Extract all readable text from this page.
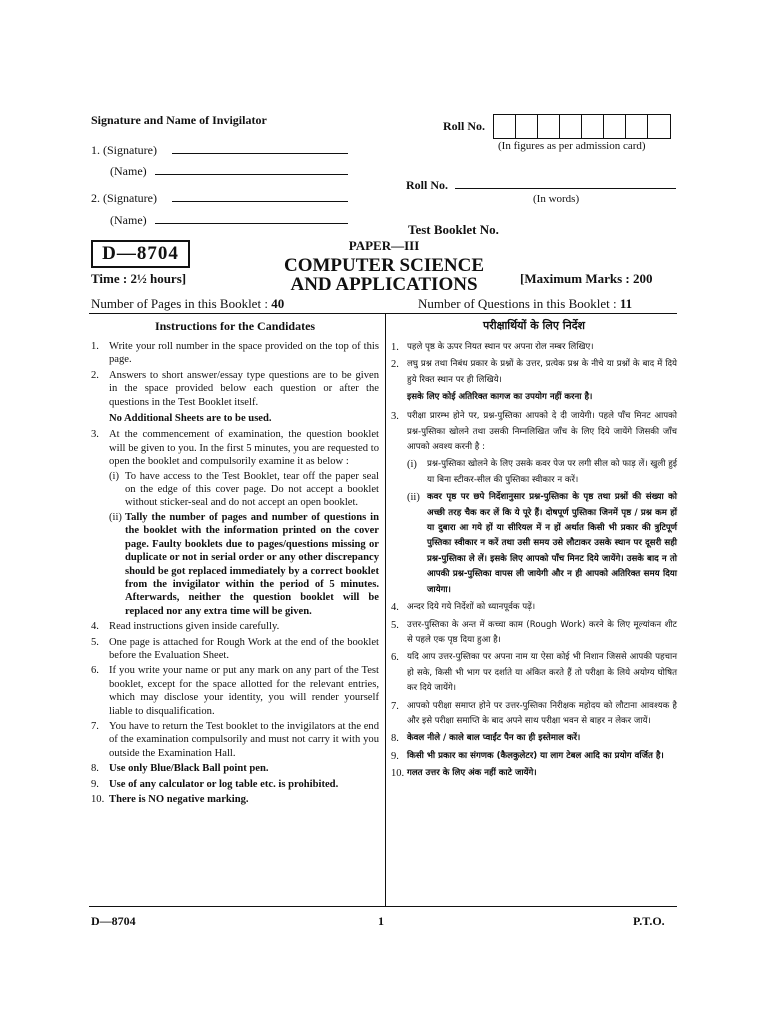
Signature and Name of Invigilator
1. (Signature)
(Name)
2. (Signature)
(Name)
Roll No.
(In figures as per admission card)
Roll No.
(In words)
Test Booklet No.
D—8704	PAPER—III
COMPUTER SCIENCE
AND APPLICATIONS
Time : 2½ hours]	[Maximum Marks : 200
Number of Pages in this Booklet : 40	Number of Questions in this Booklet : 11
Instructions for the Candidates	परीक्षार्थियों के लिए निर्देश
1. Write your roll number in the space provided on the top of this page.
2. Answers to short answer/essay type questions are to be given in the space provided below each question or after the questions in the Test Booklet itself.
No Additional Sheets are to be used.
3. At the commencement of examination, the question booklet will be given to you. In the first 5 minutes, you are requested to open the booklet and compulsorily examine it as below :
(i) To have access to the Test Booklet, tear off the paper seal on the edge of this cover page. Do not accept a booklet without sticker-seal and do not accept an open booklet.
(ii) Tally the number of pages and number of questions in the booklet with the information printed on the cover page. Faulty booklets due to pages/questions missing or duplicate or not in serial order or any other discrepancy should be got replaced immediately by a correct booklet from the invigilator within the period of 5 minutes. Afterwards, neither the question booklet will be replaced nor any extra time will be given.
4. Read instructions given inside carefully.
5. One page is attached for Rough Work at the end of the booklet before the Evaluation Sheet.
6. If you write your name or put any mark on any part of the Test booklet, except for the space allotted for the relevant entries, which may disclose your identity, you will render yourself liable to disqualification.
7. You have to return the Test booklet to the invigilators at the end of the examination compulsorily and must not carry it with you outside the Examination Hall.
8. Use only Blue/Black Ball point pen.
9. Use of any calculator or log table etc. is prohibited.
10. There is NO negative marking.
1. पहले पृष्ठ के ऊपर नियत स्थान पर अपना रोल नम्बर लिखिए।
2. लघु प्रश्न तथा निबंध प्रकार के प्रश्नों के उत्तर, प्रत्येक प्रश्न के नीचे या प्रश्नों के बाद में दिये हुये रिक्त स्थान पर ही लिखिये।
इसके लिए कोई अतिरिक्त कागज का उपयोग नहीं करना है।
3. परीक्षा प्रारम्भ होने पर, प्रश्न-पुस्तिका आपको दे दी जायेगी। पहले पाँच मिनट आपको प्रश्न-पुस्तिका खोलने तथा उसकी निम्नलिखित जाँच के लिए दिये जायेंगे जिसकी जाँच आपको अवश्य करनी है :
(i) प्रश्न-पुस्तिका खोलने के लिए उसके कवर पेज पर लगी सील को फाड़ लें। खुली हुई या बिना स्टीकर-सील की पुस्तिका स्वीकार न करें।
(ii) कवर पृष्ठ पर छपे निर्देशानुसार प्रश्न-पुस्तिका के पृष्ठ तथा प्रश्नों की संख्या को अच्छी तरह चैक कर लें कि ये पूरे हैं। दोषपूर्ण पुस्तिका जिनमें पृष्ठ / प्रश्न कम हों या दुबारा आ गये हों या सीरियल में न हों अर्थात किसी भी प्रकार की त्रुटिपूर्ण पुस्तिका स्वीकार न करें तथा उसी समय उसे लौटाकर उसके स्थान पर दूसरी सही प्रश्न-पुस्तिका ले लें। इसके लिए आपको पाँच मिनट दिये जायेंगे। उसके बाद न तो आपकी प्रश्न-पुस्तिका वापस ली जायेगी और न ही आपको अतिरिक्त समय दिया जायेगा।
4. अन्दर दिये गये निर्देशों को ध्यानपूर्वक पढ़ें।
5. उत्तर-पुस्तिका के अन्त में कच्चा काम (Rough Work) करने के लिए मूल्यांकन शीट से पहले एक पृष्ठ दिया हुआ है।
6. यदि आप उत्तर-पुस्तिका पर अपना नाम या ऐसा कोई भी निशान जिससे आपकी पहचान हो सके, किसी भी भाग पर दर्शाते या अंकित करते हैं तो परीक्षा के लिये अयोग्य घोषित कर दिये जायेंगे।
7. आपको परीक्षा समाप्त होने पर उत्तर-पुस्तिका निरीक्षक महोदय को लौटाना आवश्यक है और इसे परीक्षा समाप्ति के बाद अपने साथ परीक्षा भवन से बाहर न लेकर जायें।
8. केवल नीले / काले बाल प्वाईंट पैन का ही इस्तेमाल करें।
9. किसी भी प्रकार का संगणक (कैलकुलेटर) या लाग टेबल आदि का प्रयोग वर्जित है।
10. गलत उत्तर के लिए अंक नहीं काटे जायेंगे।
D—8704	1	P.T.O.
